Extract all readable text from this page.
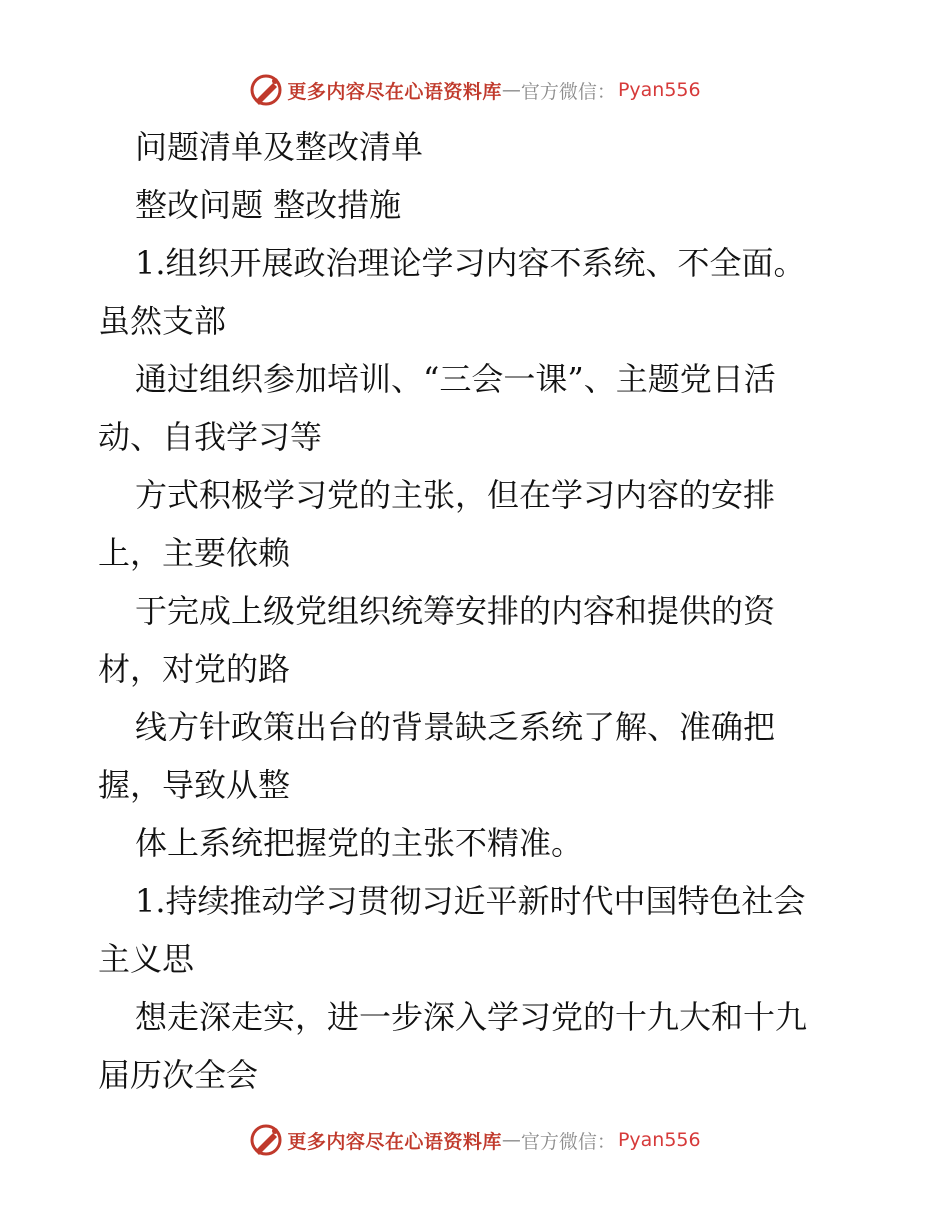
更多内容尽在心语资料库 — 官方微信： Pyan556

问题清单及整改清单

整改问题 整改措施

1.组织开展政治理论学习内容不系统、不全面。
虽然支部

通过组织参加培训、“三会一课”、主题党日活
动、自我学习等

方式积极学习党的主张，但在学习内容的安排
上，主要依赖

于完成上级党组织统筹安排的内容和提供的资
材，对党的路

线方针政策出台的背景缺乏系统了解、准确把
握，导致从整

体上系统把握党的主张不精准。

1.持续推动学习贯彻习近平新时代中国特色社会
主义思

想走深走实，进一步深入学习党的十九大和十九
届历次全会

更多内容尽在心语资料库 — 官方微信： Pyan556
